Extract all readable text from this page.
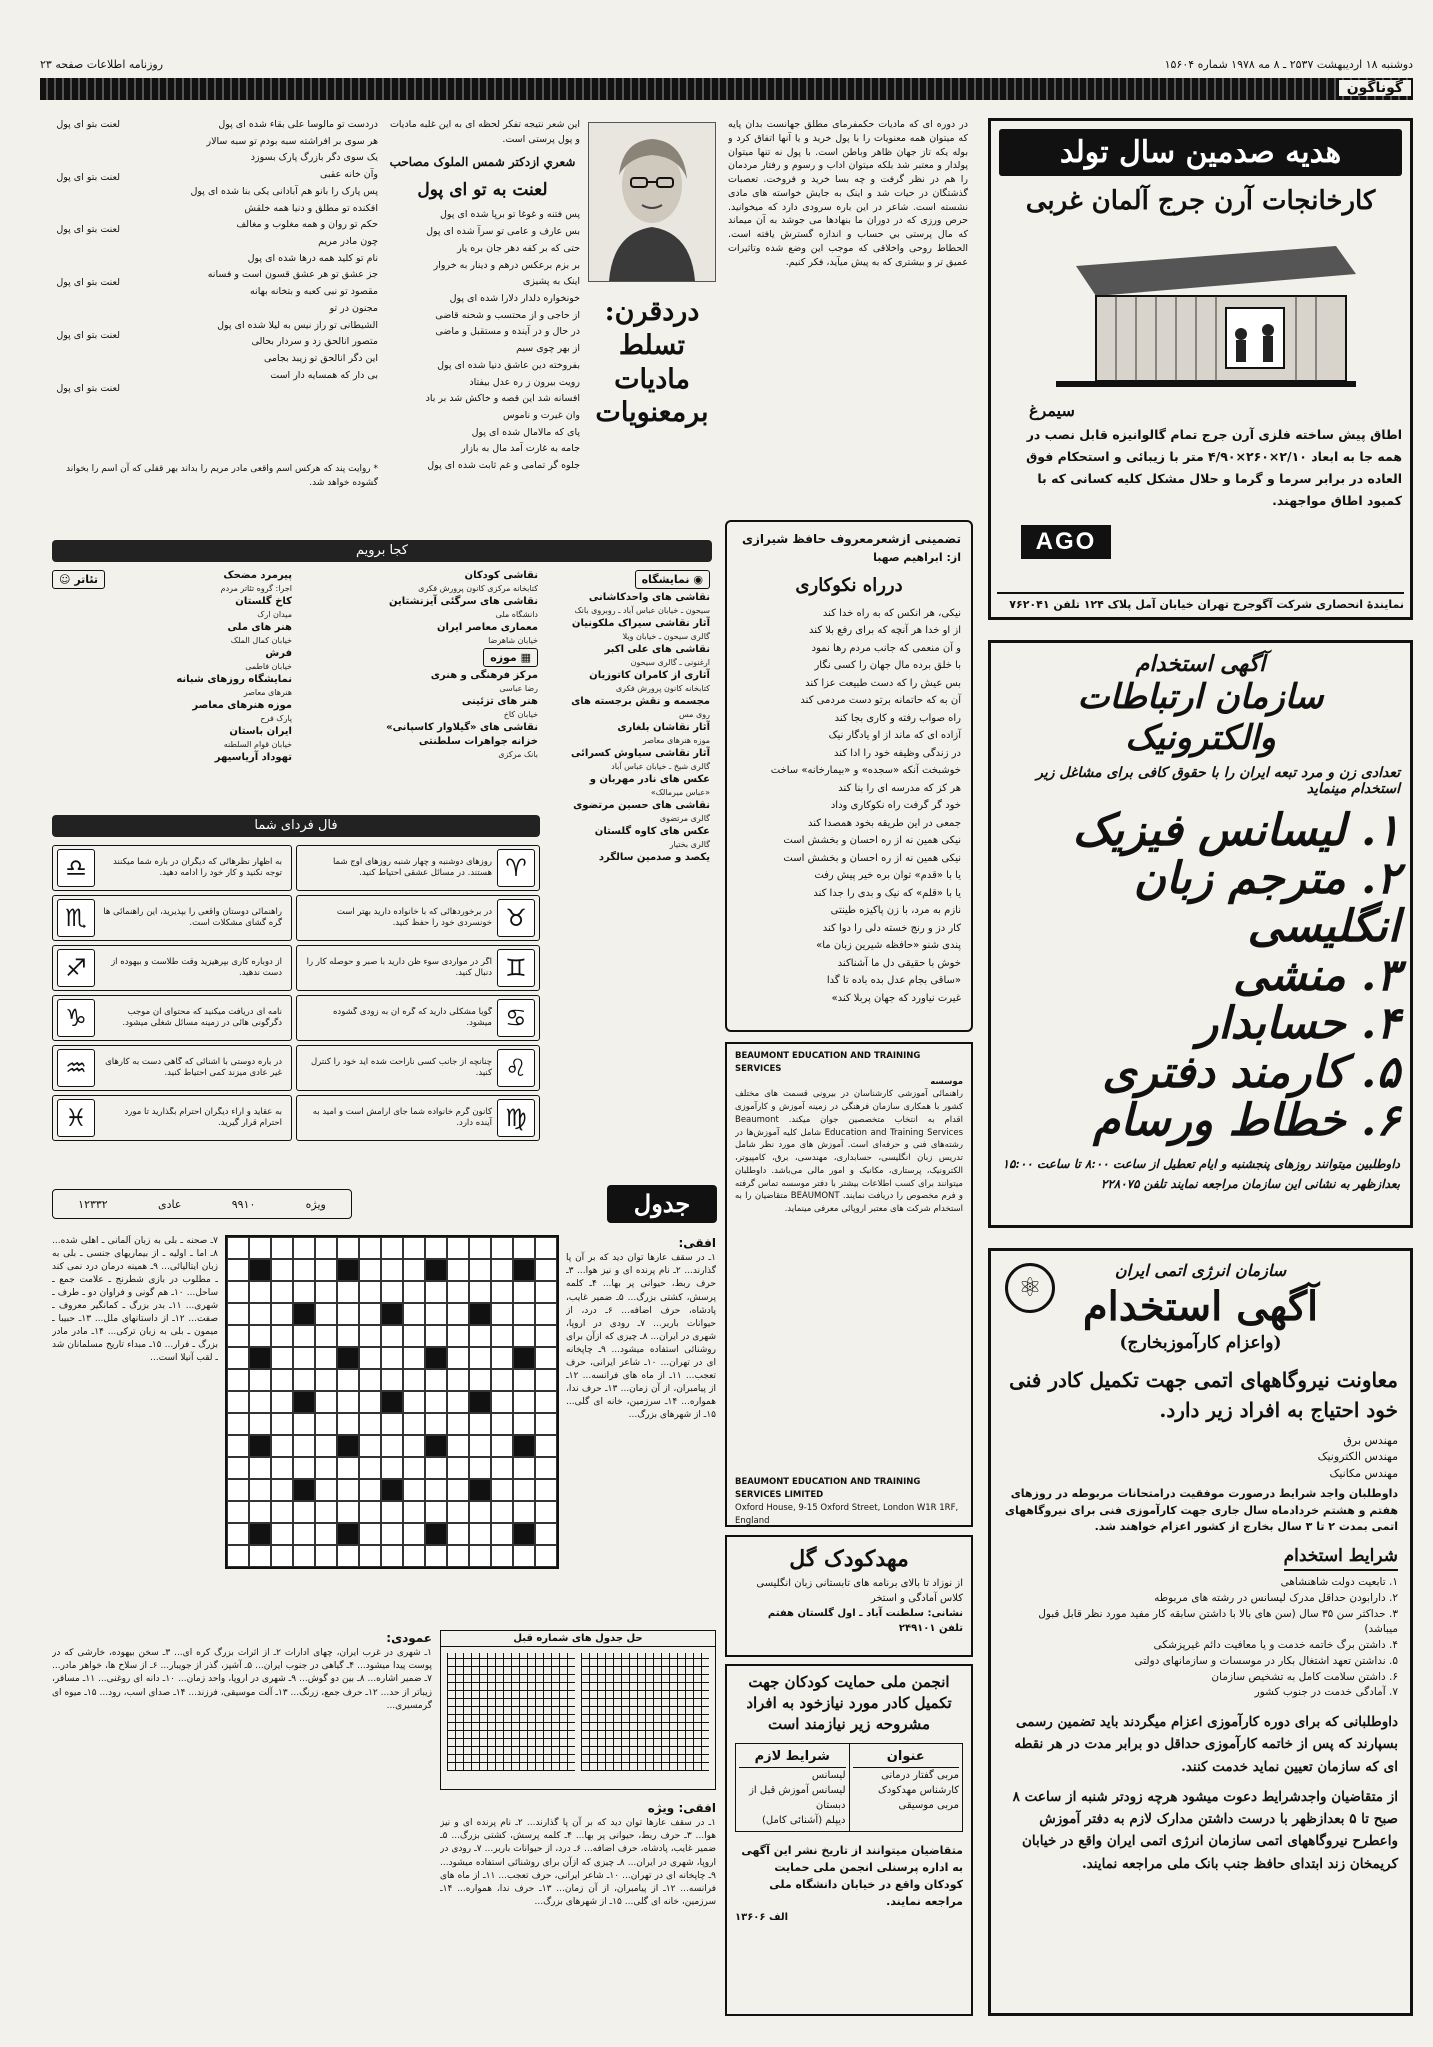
دوشنبه ۱۸ اردیبهشت ۲۵۳۷ ـ ۸ مه ۱۹۷۸ شماره ۱۵۶۰۴
روزنامه اطلاعات صفحه ۲۳
گوناگون
در دوره ای که ماديات حکمفرمای مطلق جهانست بدان پايه که ميتوان همه معنويات را با پول خريد و يا آنها اتفاق کرد و بوله يکه تاز جهان ظاهر وباطن است. با پول نه تنها ميتوان پولدار و معتبر شد بلکه ميتوان اداب و رسوم و رفتار مردمان را هم در نظر گرفت و چه بسا خريد و فروخت. تعصبات گذشتگان در حيات شد و اينک به جايش خواسته های مادی نشسته است. شاعر در اين باره سرودی دارد که ميخوانيد. حرص ورزی که در دوران ما بنهادها می جوشد به آن ميماند که مال پرستی بي حساب و اندازه گسترش يافته است. الحطاط روحی واخلاقی که موجب اين وضع شده وتاثيرات عميق تر و بيشتری که به پيش ميآيد، فکر کنيم.
دردقرن:
تسلط
ماديات
برمعنويات
اين شعر نتيجه تفکر لحظه ای به اين غلبه ماديات و پول پرستی است.
شعري ازدکتر شمس الملوک مصاحب
لعنت به تو ای پول

پس فتنه و غوغا تو برپا شده ای پول

بس عارف و عامی تو سرآ شده ای پول

حتی که بر کفه دهر جان بره یار

بر بزم برعکس درهم و دينار به خروار

اينک به پشيزی

خونخواره دلدار دلارا شده ای پول

از حاجی و از محتسب و شحنه قاضی

در حال و در آينده و مستقبل و ماضی

از بهر چوی سيم

بفروخته دين عاشق دنيا شده ای پول

رويت بيرون ز ره عدل بيفتاد

افسانه شد اين قصه و خاکش شد بر باد

وان غيرت و ناموس

پای که مالامال شده ای پول

جامه به غارت آمد مال به بازار

جلوه گر تمامی و غم ثابت شده ای پول

لعنت بتو ای پول

لعنت بتو ای پول

لعنت بتو ای پول

لعنت بتو ای پول

لعنت بتو ای پول

لعنت بتو ای پول

دردست تو مالوسا علی بقاء شده ای پول

هر سوی بر افراشته سبه بودم تو سبه سالار

يک سوی دگر بازرگ پارک بسوزد

وآن خانه عقبی

پس پارک را بانو هم آبادانی يکی بنا شده ای پول

افکنده تو مطلق و دنيا همه خلقش

حکم تو روان و همه مغلوب و مغالف

چون مادر مريم

نام تو کليد همه درها شده ای پول

جز عشق تو هر عشق قسون است و فسانه

مقصود تو نبی کعبه و بتخانه بهانه

مجنون در تو

الشيطانی تو راز نيس به ليلا شده ای پول

متصور انالحق زد و سردار بحالی

اين دگر انالحق تو زيبد بجامی

بی دار که همسايه دار است

* روايت پند که هرکس اسم واقعی مادر مريم را بداند بهر قفلی که آن اسم را بخواند گشوده خواهد شد.
تضمينی ازشعرمعروف حافظ شيرازی
از: ابراهيم صهبا
درراه نکوکاری

نيکی، هر انکس که به راه خدا کند

از او خدا هر آنچه که برای رفع بلا کند

و آن منعمی که جانب مردم رها نمود

با خلق برده مال جهان را کسی نگار

بس عيش را که دست طبيعت عزا کند

آن به که حاتمانه برتو دست مردمی کند

راه صواب رفته و کاری بجا کند

آزاده ای که ماند از او يادگار نيک

در زندگی وظيفه خود را ادا کند

خوشبخت آنکه «سجده» و «بيمارخانه» ساخت

هر کز که مدرسه ای را بنا کند

خود گر گرفت راه نکوکاری وداد

جمعی در این طريقه بخود همصدا کند

نيکی همين نه از ره احسان و بخشش است

نيکی همين نه از ره احسان و بخشش است

يا با «قدم» توان بره خير پيش رفت

يا با «قلم» که نيک و بدی را جدا کند

نازم به مرد، با زن پاکيزه طينتی

کار دز و رنج خسته دلی را دوا کند

پندی شنو «حافظه شيرين زبان ما»

خوش با حقيقی دل ما آشناکند

«ساقی بجام عدل بده باده تا گدا

غيرت نياورد که جهان پربلا کند»

BEAUMONT EDUCATION AND TRAINING SERVICES
موسسه
راهنمائی آموزشی کارشناسان در بيرونی قسمت های مختلف کشور با همکاری سازمان فرهنگی در زمينه آموزش و کارآموزی اقدام به انتخاب متخصصين جوان ميکند. Beaumont Education and Training Services شامل کليه آموزش‌ها در رشته‌های فنی و حرفه‌ای است. آموزش های مورد نظر شامل تدريس زبان انگليسی، حسابداری، مهندسی، برق، کامپيوتر، الکترونيک، پرستاری، مکانيک و امور مالی می‌باشد. داوطلبان ميتوانند برای کسب اطلاعات بيشتر با دفتر موسسه تماس گرفته و فرم مخصوص را دريافت نمايند. BEAUMONT متقاضيان را به استخدام شرکت های معتبر اروپائی معرفی مينمايد.
BEAUMONT EDUCATION AND TRAINING SERVICES LIMITED
Oxford House, 9-15 Oxford Street, London W1R 1RF, England
مهدکودک گل
از نوزاد تا بالای برنامه های تابستانی زبان انگليسی کلاس آمادگی و استخر
نشانی: سلطنت آباد ـ اول گلستان هفتم
تلفن ۲۴۹۱۰۱
انجمن ملی حمايت کودکان جهت تکميل کادر مورد نيازخود به افراد مشروحه زير نيازمند است
عنوان
مربی گفتار درمانی
کارشناس مهدکودک
مربی موسيقی
شرايط لازم
ليسانس
ليسانس آموزش قبل از دبستان
ديپلم (آشنائی کامل)
متقاضيان ميتوانند از تاريخ نشر اين آگهی به اداره پرسنلی انجمن ملی حمايت کودکان واقع در خيابان دانشگاه ملی مراجعه نمايند.
الف ۱۳۶۰۶
هديه صدمين سال تولد
کارخانجات آرن جرج آلمان غربی
سيمرغ
اطاق پيش ساخته فلزی آرن جرج تمام گالوانيزه قابل نصب در همه جا به ابعاد ۲/۱۰×۲۶۰×۴/۹۰ متر با زيبائی و استحکام فوق العاده در برابر سرما و گرما و حلال مشکل کليه کسانی که با کمبود اطاق مواجهند.
AGO
نمايندهٔ انحصاری شرکت آگوجرج تهران خيابان آمل پلاک ۱۲۴ تلفن ۷۶۲۰۴۱
آگهی استخدام
سازمان ارتباطات والکترونيک
تعدادی زن و مرد تبعه ايران را با حقوق کافی برای مشاغل زير استخدام مينمايد
۱. ليسانس فيزيک
۲. مترجم زبان انگليسی
۳. منشی
۴. حسابدار
۵. کارمند دفتری
۶. خطاط ورسام
داوطلبين ميتوانند روزهای پنجشنبه و ايام تعطيل از ساعت ۸:۰۰ تا ساعت ۱۵:۰۰ بعدازظهر به نشانی اين سازمان مراجعه نمايند تلفن ۲۲۸۰۷۵
⚛
سازمان انرژی اتمی ايران
آگهی استخدام
(واعزام کارآموزبخارج)
معاونت نيروگاههای اتمی جهت تکميل کادر فنی خود احتياج به افراد زير دارد.
مهندس برق
مهندس الکترونيک
مهندس مکانيک
داوطلبان واجد شرايط درصورت موفقيت درامتحانات مربوطه در روزهای هفتم و هشتم خردادماه سال جاری جهت کارآموزی فنی برای نيروگاههای اتمی بمدت ۲ تا ۳ سال بخارج از کشور اعزام خواهند شد.
شرايط استخدام
۱. تابعيت دولت شاهنشاهی
۲. دارابودن حداقل مدرک ليسانس در رشته های مربوطه
۳. حداکثر سن ۳۵ سال (سن های بالا با داشتن سابقه کار مفيد مورد نظر قابل قبول ميباشد)
۴. داشتن برگ خاتمه خدمت و يا معافيت دائم غيرپزشکی
۵. نداشتن تعهد اشتغال بکار در موسسات و سازمانهای دولتی
۶. داشتن سلامت کامل به تشخيص سازمان
۷. آمادگی خدمت در جنوب کشور
داوطلبانی که برای دوره کارآموزی اعزام ميگردند بايد تضمين رسمی بسپارند که پس از خاتمه کارآموزی حداقل دو برابر مدت در هر نقطه ای که سازمان تعيين نمايد خدمت کنند.
از متقاضيان واجدشرايط دعوت ميشود هرچه زودتر شنبه از ساعت ۸ صبح تا ۵ بعدازظهر با درست داشتن مدارک لازم به دفتر آموزش واعطرح نيروگاههای اتمی سازمان انرژی اتمی ايران واقع در خيابان کريمخان زند ابتدای حافظ جنب بانک ملی مراجعه نمايند.
کجا برويم
◉ نمايشگاه
نقاشی های واحدکاشانی
سيحون ـ خيابان عباس آباد ـ روبروی بانک
آثار نقاشی سيراک ملکونيان
گالری سيحون ـ خيابان ويلا
نقاشی های علی اکبر
ارغنونی ـ گالری سيحون
آثاری از کامران کاتوزيان
کتابخانه کانون پرورش فکری
مجسمه و نقش برجسته های
روی مس
آثار نقاشان بلغاری
موزه هنرهای معاصر
آثار نقاشی سياوش کسرائی
گالری شيخ ـ خيابان عباس آباد
عکس های نادر مهربان و
«عباس ميرمالک»
نقاشی های حسين مرتضوی
گالری مرتضوی
عکس های کاوه گلستان
گالری بختيار
يکصد و صدمين سالگرد
نقاشی کودکان
کتابخانه مرکزی کانون پرورش فکری
نقاشی های سرگئی آيزنشتاين
دانشگاه ملی
معماری معاصر ايران
خيابان شاهرضا
▦ موزه
مرکز فرهنگی و هنری
رضا عباسی
هنر های تزئينی
خيابان کاخ
نقاشی های «گيلاوار کاسپانی»
خزانه جواهرات سلطنتی
بانک مرکزی
تئاتر ☺	پيرمرد مضحک
اجرا: گروه تئاتر مردم
کاخ گلستان
ميدان ارک
هنر های ملی
خيابان کمال الملک
فرش
خيابان فاطمی
نمايشگاه روزهای شبانه
هنرهای معاصر
موزه هنرهای معاصر
پارک فرح
ايران باستان
خيابان قوام السلطنه
تهوداد آرياسيهر
فال فردای شما
♈
روزهای دوشنبه و چهار شنبه روزهای اوج شما هستند. در مسائل عشقی احتياط کنيد.
♉
در برخوردهائی که با خانواده داريد بهتر است خونسردی خود را حفظ کنيد.
♊
اگر در مواردی سوء ظن داريد با صبر و حوصله کار را دنبال کنيد.
♋
گويا مشکلی داريد که گره آن به زودی گشوده ميشود.
♌
چنانچه از جانب کسی ناراحت شده ايد خود را کنترل کنيد.
♍
کانون گرم خانواده شما جای آرامش است و اميد به آينده دارد.
به اظهار نظرهائی که ديگران در باره شما ميکنند توجه نکنيد و کار خود را ادامه دهيد.
♎
راهنمائی دوستان واقعی را بپذيريد، اين راهنمائی ها گره گشای مشکلات است.
♏
از دوباره کاری بپرهيزيد وقت طلاست و بيهوده از دست ندهيد.
♐
نامه ای دريافت ميکنيد که محتوای آن موجب دگرگونی هائی در زمينه مسائل شغلی ميشود.
♑
در باره دوستی با آشنائی که گاهی دست به کارهای غير عادی ميزند کمی احتياط کنيد.
♒
به عقايد و آراء ديگران احترام بگذاريد تا مورد احترام قرار گيريد.
♓
جدول
ويژه
۹۹۱۰
عادی
۱۲۳۳۲
افقی:
۱ـ در سقف عارها توان ديد که بر آن پا گذارند... ۲ـ نام پرنده ای و نيز هوا... ۳ـ حرف ربط، حيوانی پر بها... ۴ـ کلمه پرسش، کشتی بزرگ... ۵ـ ضمير غايب، پادشاه، حرف اضافه... ۶ـ درد، از حيوانات باربر... ۷ـ رودی در اروپا، شهری در ايران... ۸ـ چيزی که ازآن برای روشنائی استفاده ميشود... ۹ـ چاپخانه ای در تهران... ۱۰ـ شاعر ايرانی، حرف تعجب... ۱۱ـ از ماه های فرانسه... ۱۲ـ از پيامبران، از آن زمان... ۱۳ـ حرف ندا، همواره... ۱۴ـ سرزمين، خانه ای گلی... ۱۵ـ از شهرهای بزرگ...
۷ـ صحنه ـ بلی به زبان آلمانی ـ اهلی شده... ۸ـ اما ـ اوليه ـ از بيماريهای جنسی ـ بلی به زبان ايتاليائی... ۹ـ همينه درمان درد نمی کند ـ مطلوب در بازی شطرنج ـ علامت جمع ـ ساحل... ۱۰ـ هم گونی و فراوان دو ـ طرف ـ شهری... ۱۱ـ بدر بزرگ ـ کمانگير معروف ـ صفت... ۱۲ـ از داستانهای ملل... ۱۳ـ حبيبا ـ ميمون ـ بلی به زبان ترکی... ۱۴ـ مادر مادر بزرگ ـ فرار... ۱۵ـ مبداء تاريخ مسلمانان شد ـ لقب آنيلا است...
عمودی:
۱ـ شهری در غرب ايران، چهای ادارات ۲ـ از اثرات بزرگ کره ای... ۳ـ سخن بيهوده، خارشی که در پوست پيدا ميشود... ۴ـ گياهی در جنوب ايران... ۵ـ آشپز، گذر از جويبار... ۶ـ از سلاح ها، خواهر مادر... ۷ـ ضمير اشاره... ۸ـ بين دو گوش... ۹ـ شهری در اروپا، واحد زمان... ۱۰ـ دانه ای روغنی... ۱۱ـ مسافر، زيباتر از حد... ۱۲ـ حرف جمع، زرنگ... ۱۳ـ آلت موسيقی، فرزند... ۱۴ـ صدای اسب، رود... ۱۵ـ ميوه ای گرمسيری...
حل جدول های شماره قبل
افقی: ويژه
۱ـ در سقف عارها توان ديد که بر آن پا گذارند... ۲ـ نام پرنده ای و نيز هوا... ۳ـ حرف ربط، حيوانی پر بها... ۴ـ کلمه پرسش، کشتی بزرگ... ۵ـ ضمير غايب، پادشاه، حرف اضافه... ۶ـ درد، از حيوانات باربر... ۷ـ رودی در اروپا، شهری در ايران... ۸ـ چيزی که ازآن برای روشنائی استفاده ميشود... ۹ـ چاپخانه ای در تهران... ۱۰ـ شاعر ايرانی، حرف تعجب... ۱۱ـ از ماه های فرانسه... ۱۲ـ از پيامبران، از آن زمان... ۱۳ـ حرف ندا، همواره... ۱۴ـ سرزمين، خانه ای گلی... ۱۵ـ از شهرهای بزرگ...
